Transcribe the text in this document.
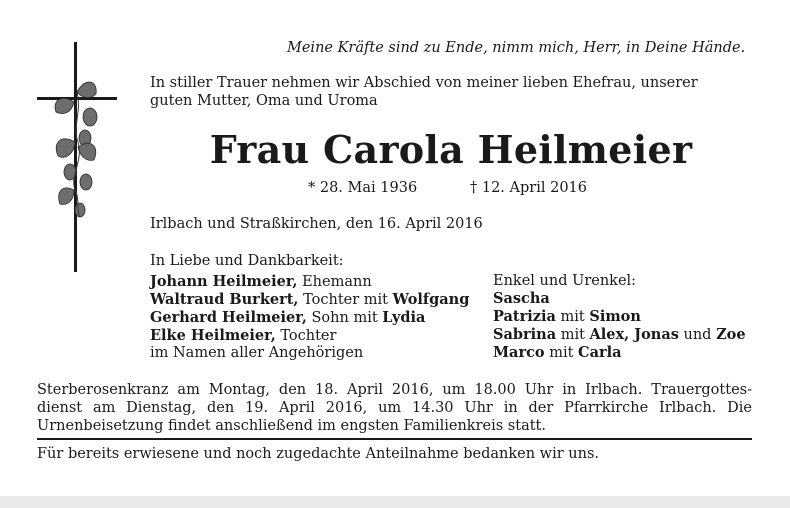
Meine Kräfte sind zu Ende, nimm mich, Herr, in Deine Hände.
In stiller Trauer nehmen wir Abschied von meiner lieben Ehefrau, unserer
guten Mutter, Oma und Uroma
Frau Carola Heilmeier
* 28. Mai 1936	† 12. April 2016
Irlbach und Straßkirchen, den 16. April 2016
In Liebe und Dankbarkeit:
Johann Heilmeier, Ehemann
Waltraud Burkert, Tochter mit Wolfgang
Gerhard Heilmeier, Sohn mit Lydia
Elke Heilmeier, Tochter
im Namen aller Angehörigen
Enkel und Urenkel:
Sascha
Patrizia mit Simon
Sabrina mit Alex, Jonas und Zoe
Marco mit Carla
Sterberosenkranz am Montag, den 18. April 2016, um 18.00 Uhr in Irlbach. Trauergottes-
dienst am Dienstag, den 19. April 2016, um 14.30 Uhr in der Pfarrkirche Irlbach. Die
Urnenbeisetzung findet anschließend im engsten Familienkreis statt.
Für bereits erwiesene und noch zugedachte Anteilnahme bedanken wir uns.
